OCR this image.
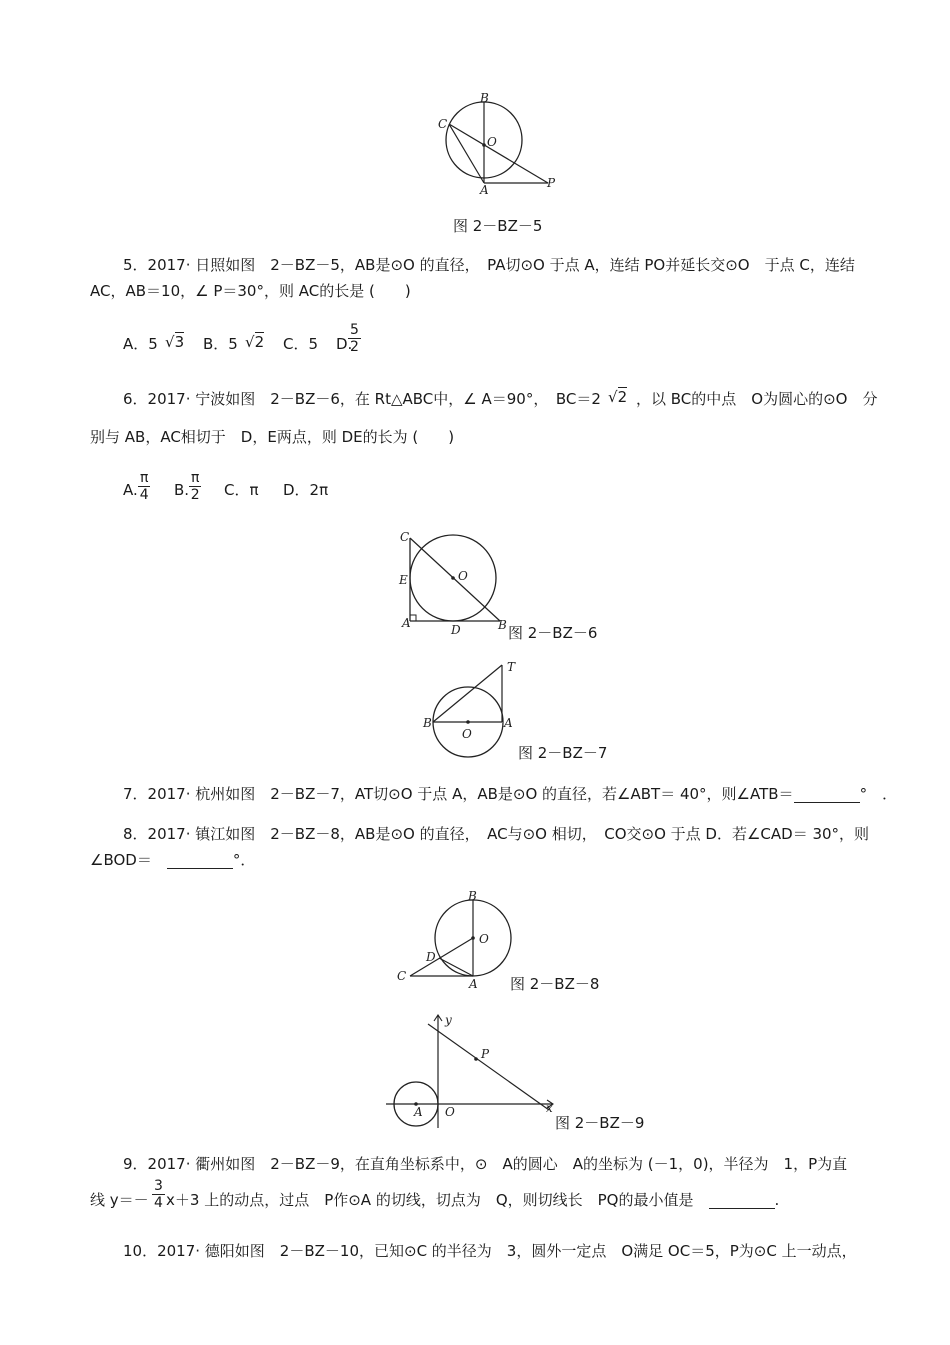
B
C
O
A	P
图 2－BZ－5
5．2017· 日照如图　2－BZ－5，AB是⊙O 的直径，　PA切⊙O 于点 A，连结 PO并延长交⊙O　于点 C，连结
AC，AB＝10，∠ P＝30°，则 AC的长是 (　　)
A．5 √3 B．5 √2 C．5 D.
$\frac{5}{2}$
6．2017· 宁波如图　2－BZ－6，在 Rt△ABC中，∠ A＝90°，　BC＝2 √2 ，以 BC的中点　O为圆心的⊙O　分
别与 AB，AC相切于　D，E两点，则 DE的长为 (　　)
A. $\frac{\pi}{4} B$. $\frac{\pi}{2}$ C．π D．2π
C
E	O
A	D	B 图 2－BZ－6
T
B	A
O
图 2－BZ－7
7．2017· 杭州如图　2－BZ－7，AT切⊙O 于点 A，AB是⊙O 的直径，若∠ABT＝ 40°，则∠ATB＝	°　．
8．2017· 镇江如图　2－BZ－8，AB是⊙O 的直径，　AC与⊙O 相切，　CO交⊙O 于点 D．若∠CAD＝ 30°，则
∠BOD＝　	°．
B
O
D
C
A 图 2－BZ－8
y
P
A O	x
图 2－BZ－9
9．2017· 衢州如图　2－BZ－9，在直角坐标系中，⊙　A的圆心　A的坐标为 (－1，0)，半径为　1，P为直
线 $y=- \frac{3}{4} x+3$ 上的动点，过点　P作⊙A 的切线，切点为　Q，则切线长　PQ的最小值是　	.
10．2017· 德阳如图　2－BZ－10，已知⊙C 的半径为　3，圆外一定点　O满足 OC＝5，P为⊙C 上一动点，
